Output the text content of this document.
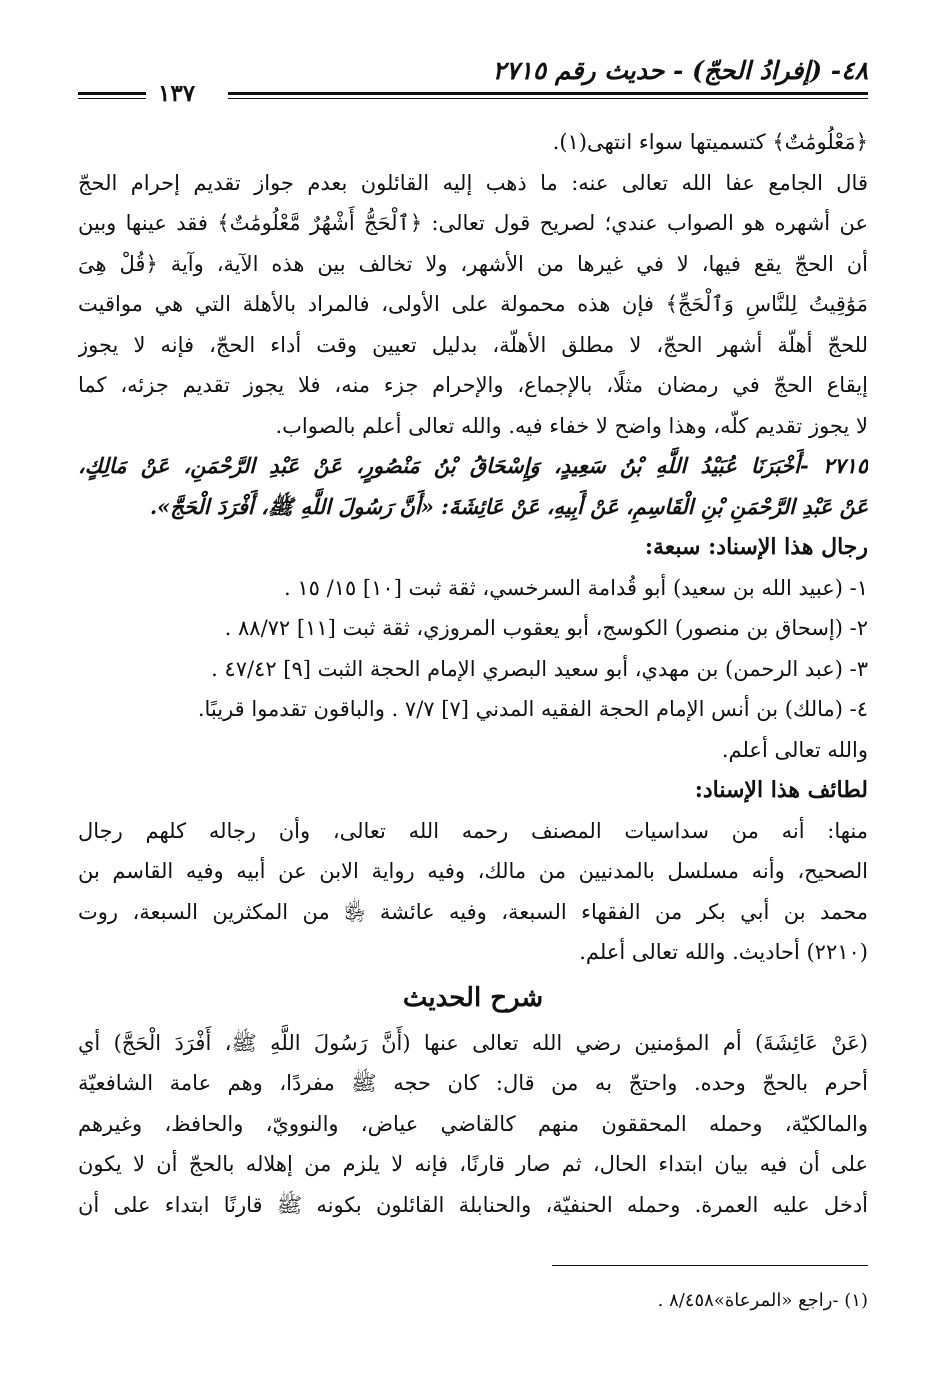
٤٨- (إفرادُ الحجّ) - حديث رقم ٢٧١٥
١٣٧
﴿مَعْلُومَٰتٌ﴾ كتسميتها سواء انتهى(١).
قال الجامع عفا الله تعالى عنه: ما ذهب إليه القائلون بعدم جواز تقديم إحرام الحجّ
عن أشهره هو الصواب عندي؛ لصريح قول تعالى: ﴿ٱلْحَجُّ أَشْهُرٌ مَّعْلُومَٰتٌ﴾ فقد عينها وبين
أن الحجّ يقع فيها، لا في غيرها من الأشهر، ولا تخالف بين هذه الآية، وآية ﴿قُلْ هِىَ
مَوَٰقِيتُ لِلنَّاسِ وَٱلْحَجِّ﴾ فإن هذه محمولة على الأولى، فالمراد بالأهلة التي هي مواقيت
للحجّ أهلّة أشهر الحجّ، لا مطلق الأهلّة، بدليل تعيين وقت أداء الحجّ، فإنه لا يجوز
إيقاع الحجّ في رمضان مثلًا، بالإجماع، والإحرام جزء منه، فلا يجوز تقديم جزئه، كما
لا يجوز تقديم كلّه، وهذا واضح لا خفاء فيه. والله تعالى أعلم بالصواب.
٢٧١٥ -أَخْبَرَنَا عُبَيْدُ اللَّهِ بْنُ سَعِيدٍ، وَإِسْحَاقُ بْنُ مَنْصُورٍ، عَنْ عَبْدِ الرَّحْمَنِ، عَنْ مَالِكٍ،
عَنْ عَبْدِ الرَّحْمَنِ بْنِ الْقَاسِمِ، عَنْ أَبِيهِ، عَنْ عَائِشَةَ: «أَنَّ رَسُولَ اللَّهِ ﷺ، أَفْرَدَ الْحَجَّ».
رجال هذا الإسناد: سبعة:
١- (عبيد الله بن سعيد) أبو قُدامة السرخسي، ثقة ثبت [١٠] ١٥/ ١٥ .
٢- (إسحاق بن منصور) الكوسج، أبو يعقوب المروزي، ثقة ثبت [١١] ٨٨/٧٢ .
٣- (عبد الرحمن) بن مهدي، أبو سعيد البصري الإمام الحجة الثبت [٩] ٤٧/٤٢ .
٤- (مالك) بن أنس الإمام الحجة الفقيه المدني [٧] ٧/٧ . والباقون تقدموا قريبًا.
والله تعالى أعلم.
لطائف هذا الإسناد:
منها: أنه من سداسيات المصنف رحمه الله تعالى، وأن رجاله كلهم رجال
الصحيح، وأنه مسلسل بالمدنيين من مالك، وفيه رواية الابن عن أبيه وفيه القاسم بن
محمد بن أبي بكر من الفقهاء السبعة، وفيه عائشة ﵂ من المكثرين السبعة، روت
(٢٢١٠) أحاديث. والله تعالى أعلم.
شرح الحديث
(عَنْ عَائِشَةَ) أم المؤمنين رضي الله تعالى عنها (أَنَّ رَسُولَ اللَّهِ ﷺ، أَفْرَدَ الْحَجَّ) أي
أحرم بالحجّ وحده. واحتجّ به من قال: كان حجه ﷺ مفردًا، وهم عامة الشافعيّة
والمالكيّة، وحمله المحققون منهم كالقاضي عياض، والنوويّ، والحافظ، وغيرهم
على أن فيه بيان ابتداء الحال، ثم صار قارنًا، فإنه لا يلزم من إهلاله بالحجّ أن لا يكون
أدخل عليه العمرة. وحمله الحنفيّة، والحنابلة القائلون بكونه ﷺ قارنًا ابتداء على أن
(١) -راجع «المرعاة»٨/٤٥٨ .
